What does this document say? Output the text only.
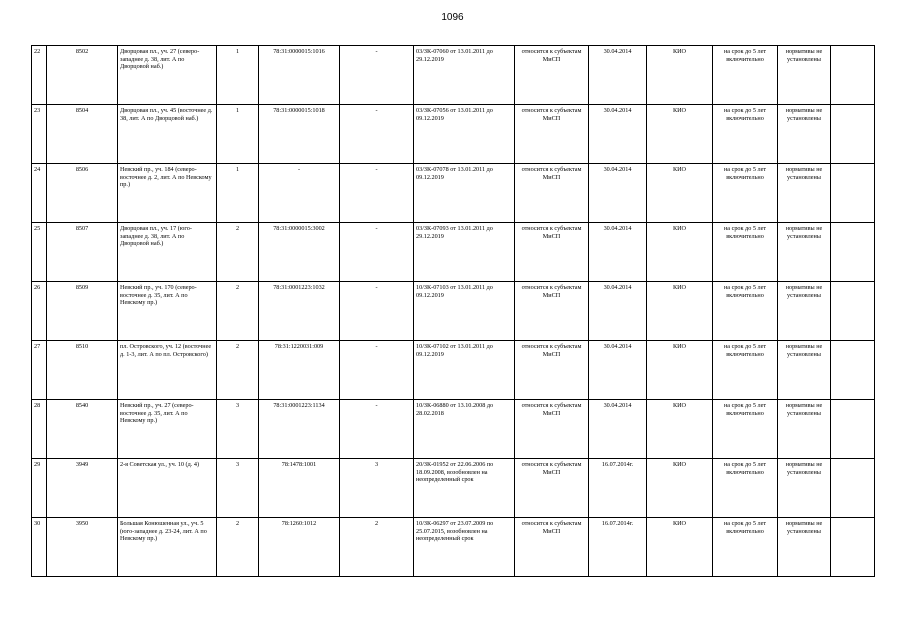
1096
22	8502	Дворцовая пл., уч. 27 (северо-западнее д. 38, лит. А по Дворцовой наб.)	1	78:31:0000015:1016	-	03/ЗК-07060 от 13.01.2011 до 29.12.2019	относится к субъектам МиСП	30.04.2014	КИО	на срок до 5 лет включительно	нормативы не установлены	
23	8504	Дворцовая пл., уч. 45 (восточнее д. 38, лит. А по Дворцовой наб.)	1	78:31:0000015:1018	-	03/ЗК-07056 от 13.01.2011 до 09.12.2019	относится к субъектам МиСП	30.04.2014	КИО	на срок до 5 лет включительно	нормативы не установлены	
24	8506	Невский пр., уч. 184 (северо-восточнее д. 2, лит. А по Невскому пр.)	1	-	-	03/ЗК-07078 от 13.01.2011 до 09.12.2019	относится к субъектам МиСП	30.04.2014	КИО	на срок до 5 лет включительно	нормативы не установлены	
25	8507	Дворцовая пл., уч. 17 (юго-западнее д. 38, лит. А по Дворцовой наб.)	2	78:31:0000015:3002	-	03/ЗК-07093 от 13.01.2011 до 29.12.2019	относится к субъектам МиСП	30.04.2014	КИО	на срок до 5 лет включительно	нормативы не установлены	
26	8509	Невский пр., уч. 170 (северо-восточнее д. 35, лит. А по Невскому пр.)	2	78:31:0001223:1032	-	10/ЗК-07103 от 13.01.2011 до 09.12.2019	относится к субъектам МиСП	30.04.2014	КИО	на срок до 5 лет включительно	нормативы не установлены	
27	8510	пл. Островского, уч. 12 (восточнее д. 1-3, лит. А по пл. Островского)	2	78:31:1220031:009	-	10/ЗК-07102 от 13.01.2011 до 09.12.2019	относится к субъектам МиСП	30.04.2014	КИО	на срок до 5 лет включительно	нормативы не установлены	
28	8540	Невский пр., уч. 27 (северо-восточнее д. 35, лит. А по Невскому пр.)	3	78:31:0001223:1134	-	10/ЗК-06880 от 13.10.2008 до 28.02.2018	относится к субъектам МиСП	30.04.2014	КИО	на срок до 5 лет включительно	нормативы не установлены	
29	3949	2-я Советская ул., уч. 10 (д. 4)	3	78:1478:1001	3	20/ЗК-01952 от 22.06.2006 по 18.09.2008, возобновлен на неопределенный срок	относится к субъектам МиСП	16.07.2014г.	КИО	на срок до 5 лет включительно	нормативы не установлены	
30	3950	Большая Конюшенная ул., уч. 5 (юго-западнее д. 23-24, лит. А по Невскому пр.)	2	78:1260:1012	2	10/ЗК-06297 от 23.07.2009 по 25.07.2015, возобновлен на неопределенный срок	относится к субъектам МиСП	16.07.2014г.	КИО	на срок до 5 лет включительно	нормативы не установлены	
